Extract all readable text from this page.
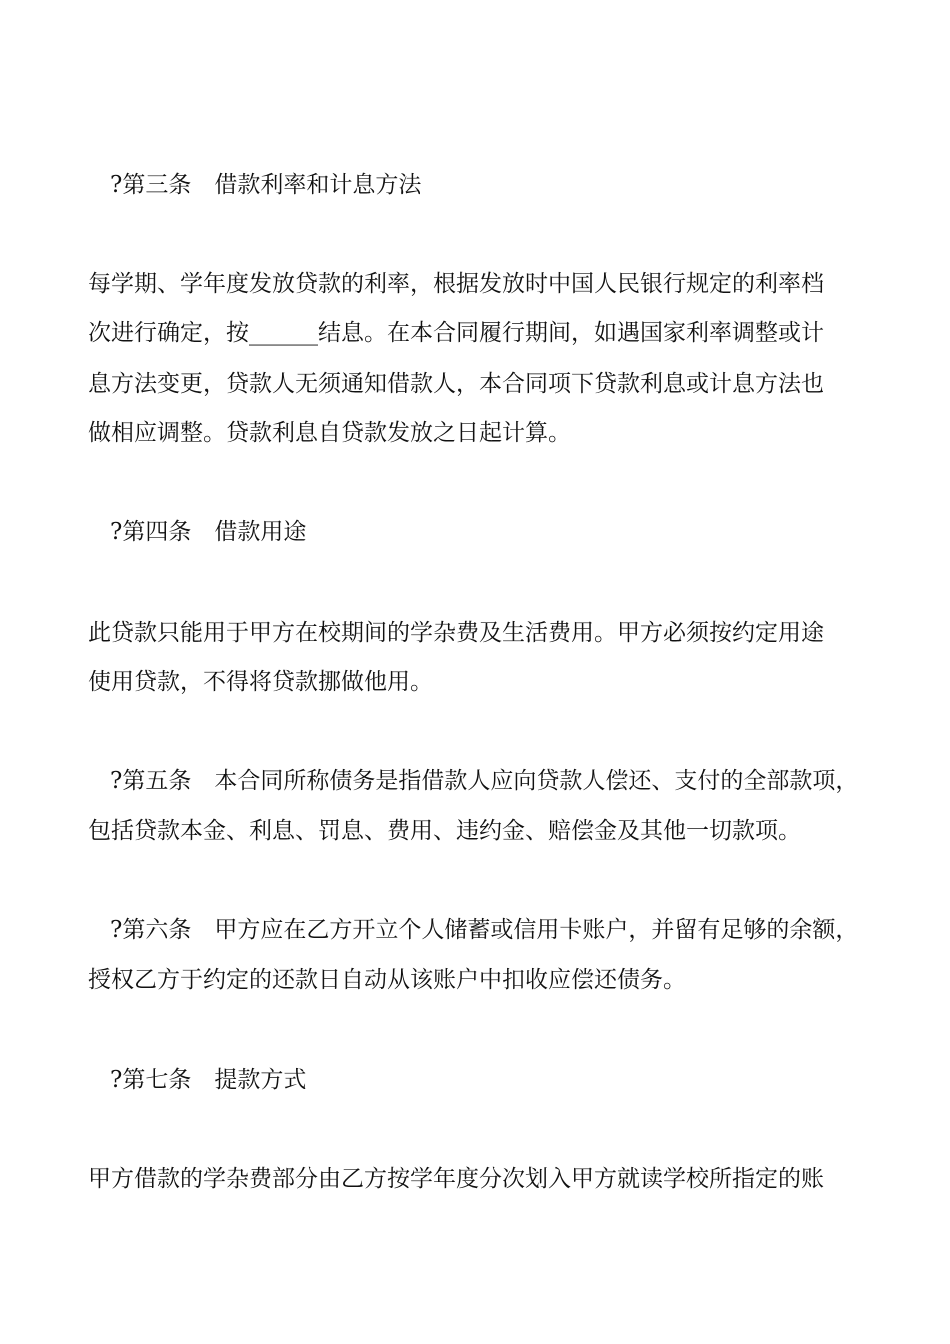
?第三条　借款利率和计息方法
每学期、学年度发放贷款的利率，根据发放时中国人民银行规定的利率档
次进行确定，按______结息。在本合同履行期间，如遇国家利率调整或计
息方法变更，贷款人无须通知借款人，本合同项下贷款利息或计息方法也
做相应调整。贷款利息自贷款发放之日起计算。
?第四条　借款用途
此贷款只能用于甲方在校期间的学杂费及生活费用。甲方必须按约定用途
使用贷款，不得将贷款挪做他用。
?第五条　本合同所称债务是指借款人应向贷款人偿还、支付的全部款项，
包括贷款本金、利息、罚息、费用、违约金、赔偿金及其他一切款项。
?第六条　甲方应在乙方开立个人储蓄或信用卡账户，并留有足够的余额，
授权乙方于约定的还款日自动从该账户中扣收应偿还债务。
?第七条　提款方式
甲方借款的学杂费部分由乙方按学年度分次划入甲方就读学校所指定的账
